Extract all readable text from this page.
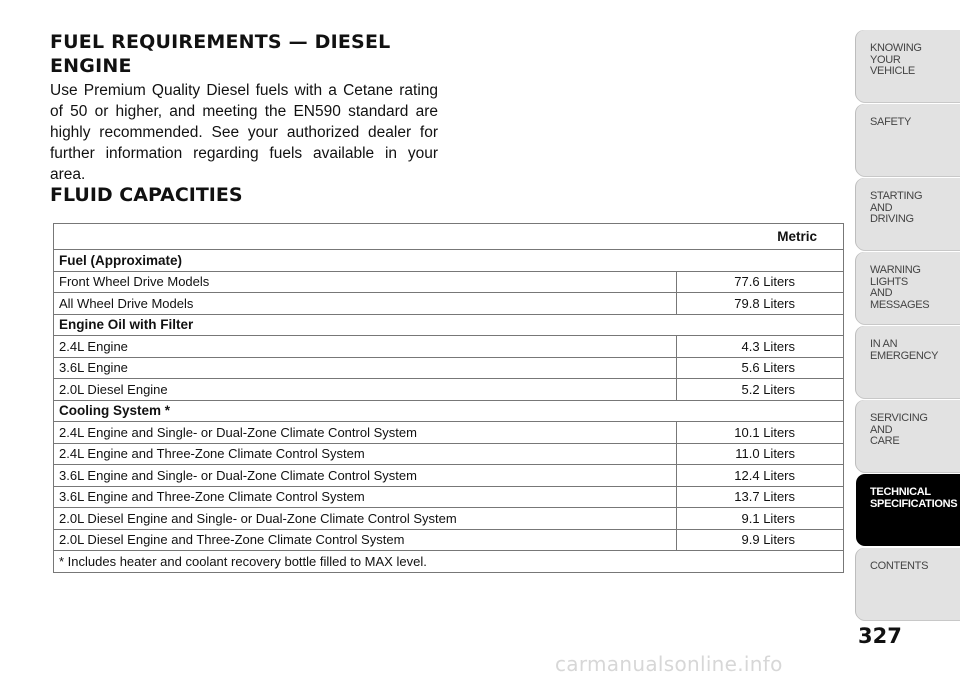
FUEL REQUIREMENTS — DIESEL ENGINE
Use Premium Quality Diesel fuels with a Cetane rating of 50 or higher, and meeting the EN590 standard are highly recommended. See your authorized dealer for further information regarding fuels available in your area.
FLUID CAPACITIES
Metric	
Fuel (Approximate)	
Front Wheel Drive Models	77.6 Liters
All Wheel Drive Models	79.8 Liters
Engine Oil with Filter	
2.4L Engine	4.3 Liters
3.6L Engine	5.6 Liters
2.0L Diesel Engine	5.2 Liters
Cooling System *	
2.4L Engine and Single- or Dual-Zone Climate Control System	10.1 Liters
2.4L Engine and Three-Zone Climate Control System	11.0 Liters
3.6L Engine and Single- or Dual-Zone Climate Control System	12.4 Liters
3.6L Engine and Three-Zone Climate Control System	13.7 Liters
2.0L Diesel Engine and Single- or Dual-Zone Climate Control System	9.1 Liters
2.0L Diesel Engine and Three-Zone Climate Control System	9.9 Liters
* Includes heater and coolant recovery bottle filled to MAX level.	
KNOWING
YOUR
VEHICLE
SAFETY
STARTING
AND
DRIVING
WARNING
LIGHTS
AND
MESSAGES
IN AN
EMERGENCY
SERVICING
AND
CARE
TECHNICAL
SPECIFICATIONS
CONTENTS
327
carmanualsonline.info
